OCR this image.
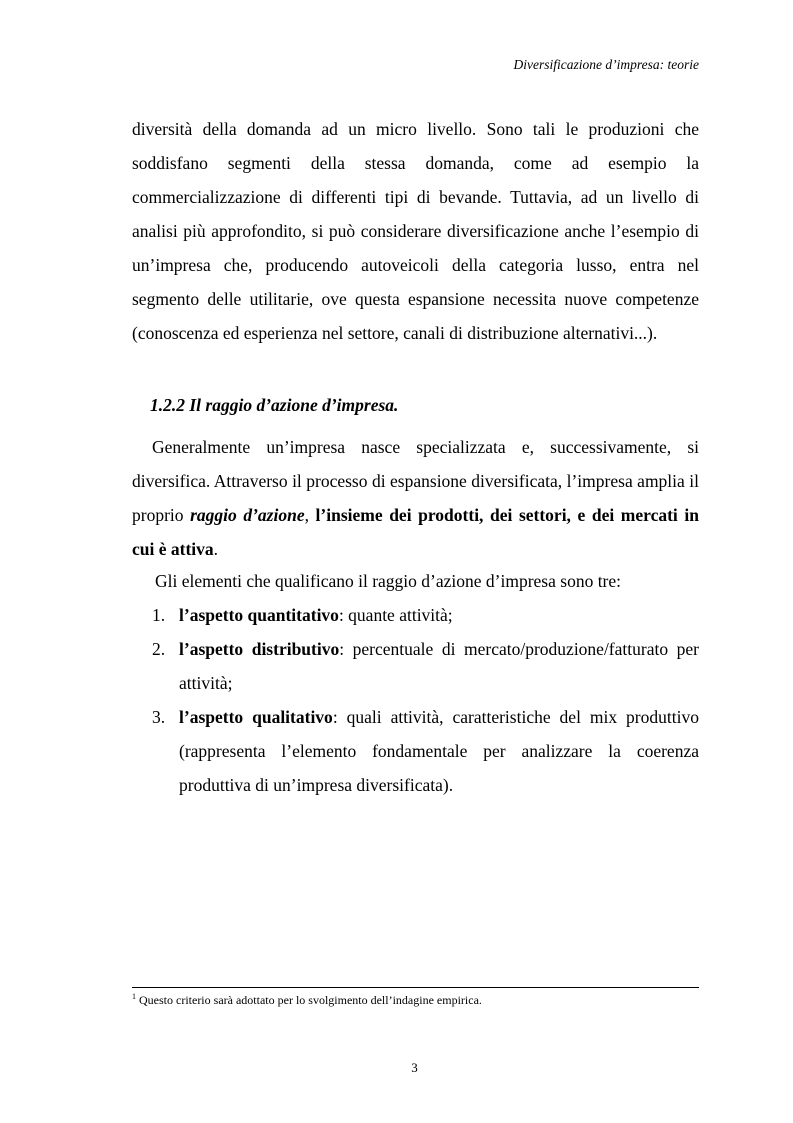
Diversificazione d’impresa: teorie

diversità della domanda ad un micro livello. Sono tali le produzioni che soddisfano segmenti della stessa domanda, come ad esempio la commercializzazione di differenti tipi di bevande. Tuttavia, ad un livello di analisi più approfondito, si può considerare diversificazione anche l’esempio di un’impresa che, producendo autoveicoli della categoria lusso, entra nel segmento delle utilitarie, ove questa espansione necessita nuove competenze (conoscenza ed esperienza nel settore, canali di distribuzione alternativi...).

1.2.2 Il raggio d’azione d’impresa.

Generalmente un’impresa nasce specializzata e, successivamente, si diversifica. Attraverso il processo di espansione diversificata, l’impresa amplia il proprio raggio d’azione, l’insieme dei prodotti, dei settori, e dei mercati in cui è attiva.

Gli elementi che qualificano il raggio d’azione d’impresa sono tre:

1. l’aspetto quantitativo: quante attività;
2. l’aspetto distributivo: percentuale di mercato/produzione/fatturato per attività;
3. l’aspetto qualitativo: quali attività, caratteristiche del mix produttivo (rappresenta l’elemento fondamentale per analizzare la coerenza produttiva di un’impresa diversificata).
$^1$ Questo criterio sarà adottato per lo svolgimento dell’indagine empirica.
3
